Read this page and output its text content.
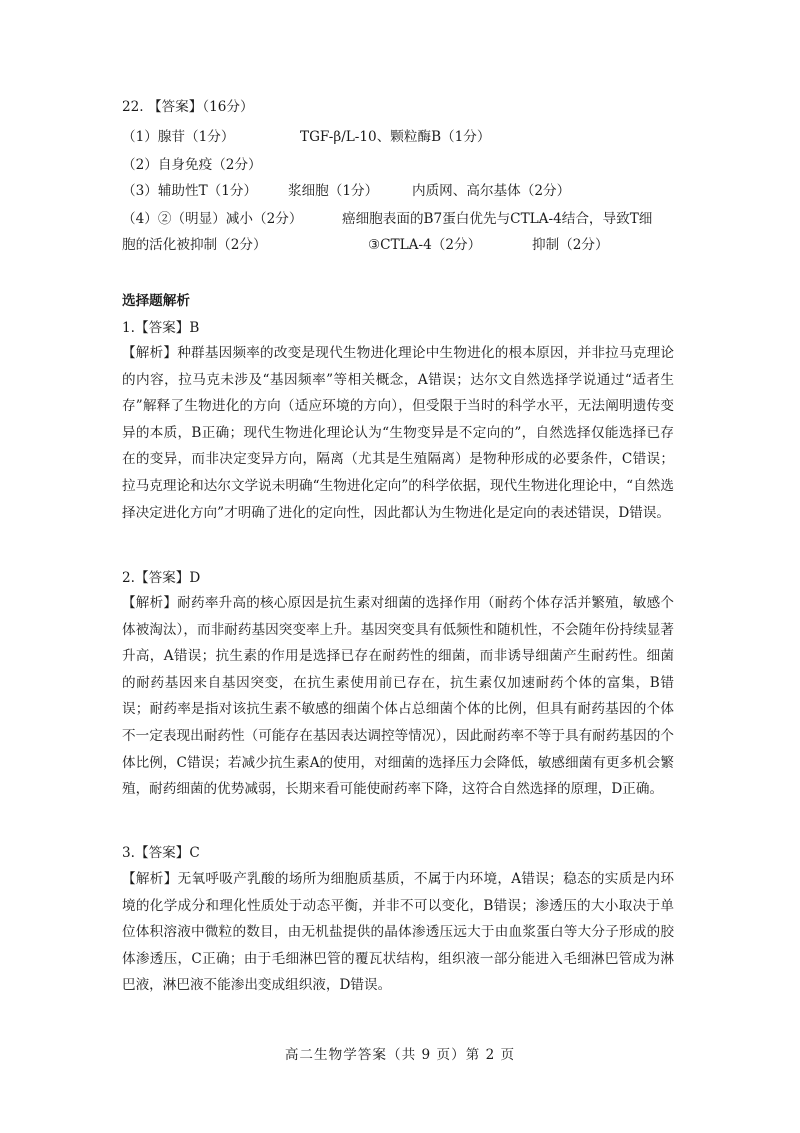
22. 【答案】（16分）
（1）腺苷（1分）	TGF-β/L-10、颗粒酶B（1分）
（2）自身免疫（2分）
（3）辅助性T（1分） 浆细胞（1分） 内质网、高尔基体（2分）
（4）②（明显）减小（2分）	癌细胞表面的B7蛋白优先与CTLA-4结合，导致T细
胞的活化被抑制（2分）	③CTLA-4（2分）	抑制（2分）
选择题解析
1.【答案】B
【解析】种群基因频率的改变是现代生物进化理论中生物进化的根本原因，并非拉马克理论的内容，拉马克未涉及“基因频率”等相关概念，A错误；达尔文自然选择学说通过“适者生存”解释了生物进化的方向（适应环境的方向），但受限于当时的科学水平，无法阐明遗传变异的本质，B正确；现代生物进化理论认为“生物变异是不定向的”，自然选择仅能选择已存在的变异，而非决定变异方向，隔离（尤其是生殖隔离）是物种形成的必要条件，C错误；拉马克理论和达尔文学说未明确“生物进化定向”的科学依据，现代生物进化理论中，“自然选择决定进化方向”才明确了进化的定向性，因此都认为生物进化是定向的表述错误，D错误。
2.【答案】D
【解析】耐药率升高的核心原因是抗生素对细菌的选择作用（耐药个体存活并繁殖，敏感个体被淘汰），而非耐药基因突变率上升。基因突变具有低频性和随机性，不会随年份持续显著升高，A错误；抗生素的作用是选择已存在耐药性的细菌，而非诱导细菌产生耐药性。细菌的耐药基因来自基因突变，在抗生素使用前已存在，抗生素仅加速耐药个体的富集，B错误；耐药率是指对该抗生素不敏感的细菌个体占总细菌个体的比例，但具有耐药基因的个体不一定表现出耐药性（可能存在基因表达调控等情况），因此耐药率不等于具有耐药基因的个体比例，C错误；若减少抗生素A的使用，对细菌的选择压力会降低，敏感细菌有更多机会繁殖，耐药细菌的优势减弱，长期来看可能使耐药率下降，这符合自然选择的原理，D正确。
3.【答案】C
【解析】无氧呼吸产乳酸的场所为细胞质基质，不属于内环境，A错误；稳态的实质是内环境的化学成分和理化性质处于动态平衡，并非不可以变化，B错误；渗透压的大小取决于单位体积溶液中微粒的数目，由无机盐提供的晶体渗透压远大于由血浆蛋白等大分子形成的胶体渗透压，C正确；由于毛细淋巴管的覆瓦状结构，组织液一部分能进入毛细淋巴管成为淋巴液，淋巴液不能渗出变成组织液，D错误。
高二生物学答案（共 9 页）第 2 页
